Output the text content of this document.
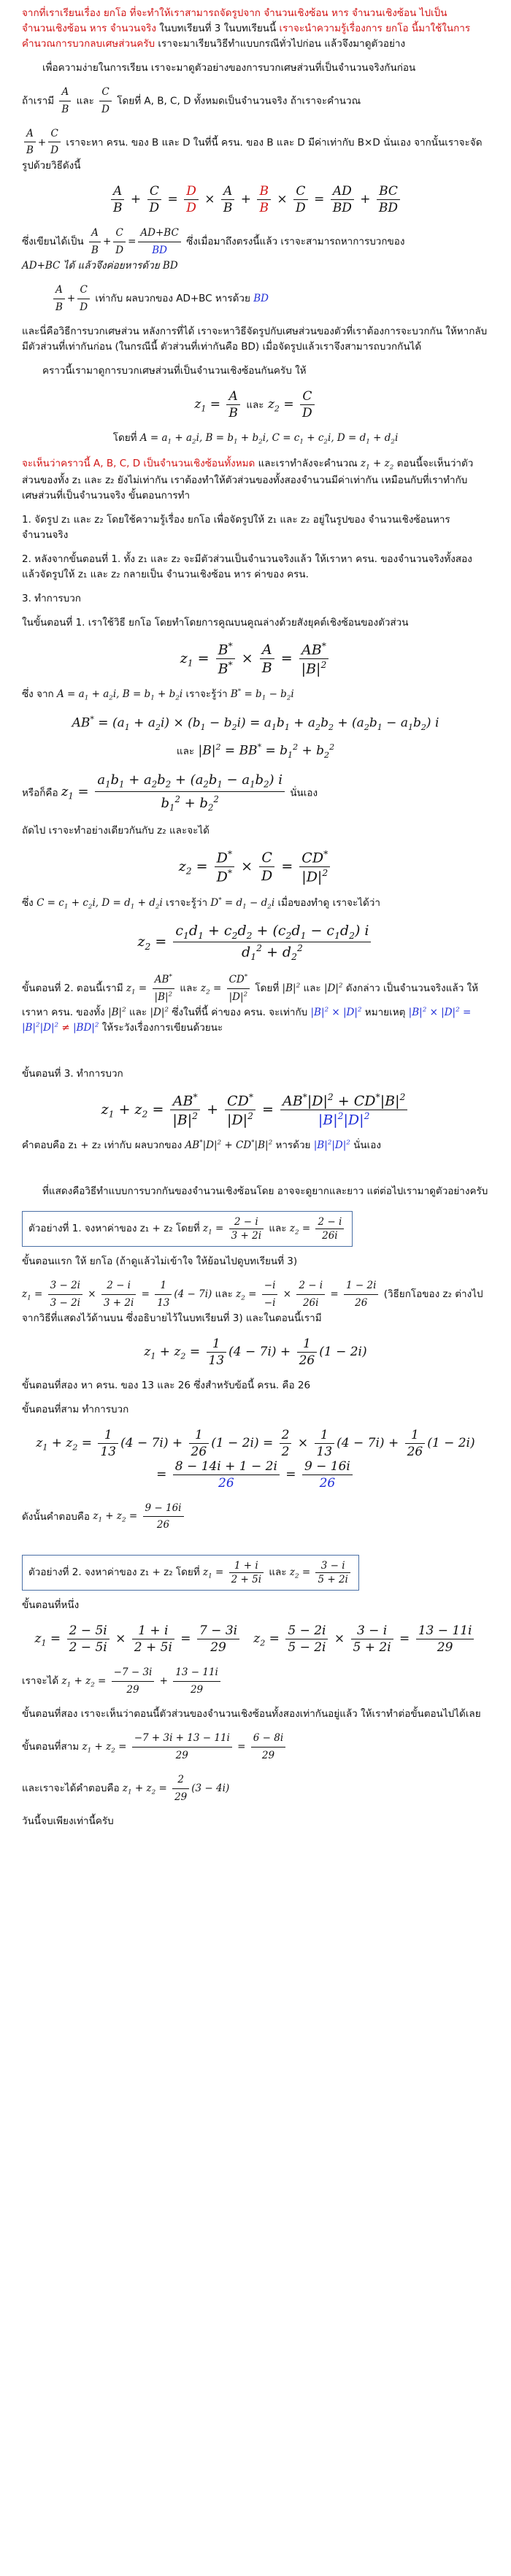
จากที่เราเรียนเรื่อง ยกโอ ที่จะทำให้เราสามารถจัดรูปจาก จำนวนเชิงซ้อน หาร จำนวนเชิงซ้อน ไปเป็น จำนวนเชิงซ้อน หาร จำนวนจริง ในบทเรียนที่ 3 ในบทเรียนนี้ เราจะนำความรู้เรื่องการ ยกโอ นี้มาใช้ในการคำนวณการบวกลบเศษส่วนครับ เราจะมาเรียนวิธีทำแบบกรณีทั่วไปก่อน แล้วจึงมาดูตัวอย่าง

เพื่อความง่ายในการเรียน เราจะมาดูตัวอย่างของการบวกเศษส่วนที่เป็นจำนวนจริงกันก่อน

ถ้าเรามี $\frac{A}{B}$ และ $\frac{C}{D}$ โดยที่ A, B, C, D ทั้งหมดเป็นจำนวนจริง ถ้าเราจะคำนวณ

$\frac{A}{B} + \frac{C}{D}$ เราจะหา ครน. ของ B และ D ในที่นี้ ครน. ของ B และ D มีค่าเท่ากับ B×D นั่นเอง จากนั้นเราจะจัดรูปด้วยวิธีดังนี้

$\frac{A}{B} + \frac{C}{D} = \frac{D}{D} \times \frac{A}{B} + \frac{B}{B} \times \frac{C}{D} = \frac{AD}{BD} + \frac{BC}{BD}$

ซึ่งเขียนได้เป็น $\frac{A}{B} + \frac{C}{D} = \frac{AD+BC}{BD}$ ซึ่งเมื่อมาถึงตรงนี้แล้ว เราจะสามารถหาการบวกของ
AD+BC ได้ แล้วจึงค่อยหารด้วย BD

$\frac{A}{B} + \frac{C}{D}$ เท่ากับ ผลบวกของ AD+BC หารด้วย BD

และนี่คือวิธีการบวกเศษส่วน หลังการที่ได้ เราจะหาวิธีจัดรูปกับเศษส่วนของตัวที่เราต้องการจะบวกกัน ให้หากลับมีตัวส่วนที่เท่ากันก่อน (ในกรณีนี้ ตัวส่วนที่เท่ากันคือ BD) เมื่อจัดรูปแล้วเราจึงสามารถบวกกันได้

คราวนี้เรามาดูการบวกเศษส่วนที่เป็นจำนวนเชิงซ้อนกันครับ ให้

$z_1 = \frac{A}{B}$ และ $z_2 = \frac{C}{D}$

โดยที่ $A = a_1 + a_2i$, $B = b_1 + b_2i$, $C = c_1 + c_2i$, $D = d_1 + d_2i$

จะเห็นว่าคราวนี้ A, B, C, D เป็นจำนวนเชิงซ้อนทั้งหมด และเราทำลังจะคำนวณ $z_1 + z_2$ ตอนนี้จะเห็นว่าตัวส่วนของทั้ง z₁ และ z₂ ยังไม่เท่ากัน เราต้องทำให้ตัวส่วนของทั้งสองจำนวนมีค่าเท่ากัน เหมือนกับที่เราทำกับเศษส่วนที่เป็นจำนวนจริง ขั้นตอนการทำ

1. จัดรูป z₁ และ z₂ โดยใช้ความรู้เรื่อง ยกโอ เพื่อจัดรูปให้ z₁ และ z₂ อยู่ในรูปของ จำนวนเชิงซ้อนหารจำนวนจริง

2. หลังจากขั้นตอนที่ 1. ทั้ง z₁ และ z₂ จะมีตัวส่วนเป็นจำนวนจริงแล้ว ให้เราหา ครน. ของจำนวนจริงทั้งสอง แล้วจัดรูปให้ z₁ และ z₂ กลายเป็น จำนวนเชิงซ้อน หาร ค่าของ ครน.

3. ทำการบวก

ในขั้นตอนที่ 1. เราใช้วิธี ยกโอ โดยทำโดยการคูณบนคูณล่างด้วยสังยุคต์เชิงซ้อนของตัวส่วน

$z_1 = \frac{B^*}{B^*} \times \frac{A}{B} = \frac{AB^*}{|B|^2}$

ซึ่ง จาก $A = a_1 + a_2i$, $B = b_1 + b_2i$ เราจะรู้ว่า $B^* = b_1 - b_2i$

$AB^* = (a_1 + a_2i) \times (b_1 - b_2i) = a_1b_1 + a_2b_2 + (a_2b_1 - a_1b_2)$ i
และ $|B|^2 = BB^* = b_1^2 + b_2^2$

หรือก็คือ $z_1 = \frac{a_1b_1 + a_2b_2 + (a_2b_1 - a_1b_2) i}{b_1^2 + b_2^2}$ นั่นเอง

ถัดไป เราจะทำอย่างเดียวกันกับ z₂ และจะได้

$z_2 = \frac{D^*}{D^*} \times \frac{C}{D} = \frac{CD^*}{|D|^2}$

ซึ่ง $C = c_1 + c_2i$, $D = d_1 + d_2i$ เราจะรู้ว่า $D^* = d_1 - d_2i$ เมื่อของทำดู เราจะได้ว่า

$z_2 = \frac{c_1d_1 + c_2d_2 + (c_2d_1 - c_1d_2) i}{d_1^2 + d_2^2}$

ขั้นตอนที่ 2. ตอนนี้เรามี $z_1 = \frac{AB^*}{|B|^2}$ และ $z_2 = \frac{CD^*}{|D|^2}$ โดยที่ $|B|^2$ และ $|D|^2$ ดังกล่าว เป็นจำนวนจริงแล้ว ให้เราหา ครน. ของทั้ง $|B|^2$ และ $|D|^2$ ซึ่งในที่นี้ ค่าของ ครน. จะเท่ากับ $|B|^2 \times |D|^2$ หมายเหตุ $|B|^2 \times |D|^2 = |B|^2|D|^2 \ne |BD|^2$ ให้ระวังเรื่องการเขียนด้วยนะ

ขั้นตอนที่ 3. ทำการบวก

$z_1 + z_2 = \frac{AB^*}{|B|^2} + \frac{CD^*}{|D|^2} = \frac{AB^*|D|^2 + CD^*|B|^2}{|B|^2|D|^2}$

คำตอบคือ z₁ + z₂ เท่ากับ ผลบวกของ $AB^*|D|^2 + CD^*|B|^2$ หารด้วย $|B|^2|D|^2$ นั่นเอง

ที่แสดงคือวิธีทำแบบการบวกกันของจำนวนเชิงซ้อนโดย อาจจะดูยากและยาว แต่ต่อไปเรามาดูตัวอย่างครับ

ตัวอย่างที่ 1. จงหาค่าของ z₁ + z₂ โดยที่ $z_1 = \frac{2 - i}{3 + 2i}$ และ $z_2 = \frac{2 - i}{26i}$

ขั้นตอนแรก ให้ ยกโอ (ถ้าดูแล้วไม่เข้าใจ ให้ย้อนไปดูบทเรียนที่ 3)

$z_1 = \frac{3 - 2i}{3 - 2i} \times \frac{2 - i}{3 + 2i} = \frac{1}{13} (4 - 7i)$ และ $z_2 = \frac{-i}{-i} \times \frac{2 - i}{26i} = \frac{1 - 2i}{26}$ (วิธียกโอของ z₂ ต่างไปจากวิธีที่แสดงไว้ด้านบน ซึ่งอธิบายไว้ในบทเรียนที่ 3) และในตอนนี้เรามี

$z_1 + z_2 = \frac{1}{13} (4 - 7i) + \frac{1}{26} (1 - 2i)$

ขั้นตอนที่สอง หา ครน. ของ 13 และ 26 ซึ่งสำหรับข้อนี้ ครน. คือ 26

ขั้นตอนที่สาม ทำการบวก

$z_1 + z_2 = \frac{1}{13} (4 - 7i) + \frac{1}{26} (1 - 2i) = \frac{2}{2} \times \frac{1}{13} (4 - 7i) + \frac{1}{26} (1 - 2i)$
= $\frac{8 - 14i + 1 - 2i}{26} = \frac{9 - 16i}{26}$

ดังนั้นคำตอบคือ $z_1 + z_2 = \frac{9 - 16i}{26}$

ตัวอย่างที่ 2. จงหาค่าของ z₁ + z₂ โดยที่ $z_1 = \frac{1 + i}{2 + 5i}$ และ $z_2 = \frac{3 - i}{5 + 2i}$

ขั้นตอนที่หนึ่ง

$z_1 = \frac{2 - 5i}{2 - 5i} \times \frac{1 + i}{2 + 5i} = \frac{7 - 3i}{29} z_2 = \frac{5 - 2i}{5 - 2i} \times \frac{3 - i}{5 + 2i} = \frac{13 - 11i}{29}$

เราจะได้ $z_1 + z_2 = \frac{-7 - 3i}{29} + \frac{13 - 11i}{29}$

ขั้นตอนที่สอง เราจะเห็นว่าตอนนี้ตัวส่วนของจำนวนเชิงซ้อนทั้งสองเท่ากันอยู่แล้ว ให้เราทำต่อขั้นตอนไปได้เลย

ขั้นตอนที่สาม $z_1 + z_2 = \frac{-7 + 3i + 13 - 11i}{29} = \frac{6 - 8i}{29}$

และเราจะได้คำตอบคือ $z_1 + z_2 = \frac{2}{29} (3 - 4i)$

วันนี้จบเพียงเท่านี้ครับ
